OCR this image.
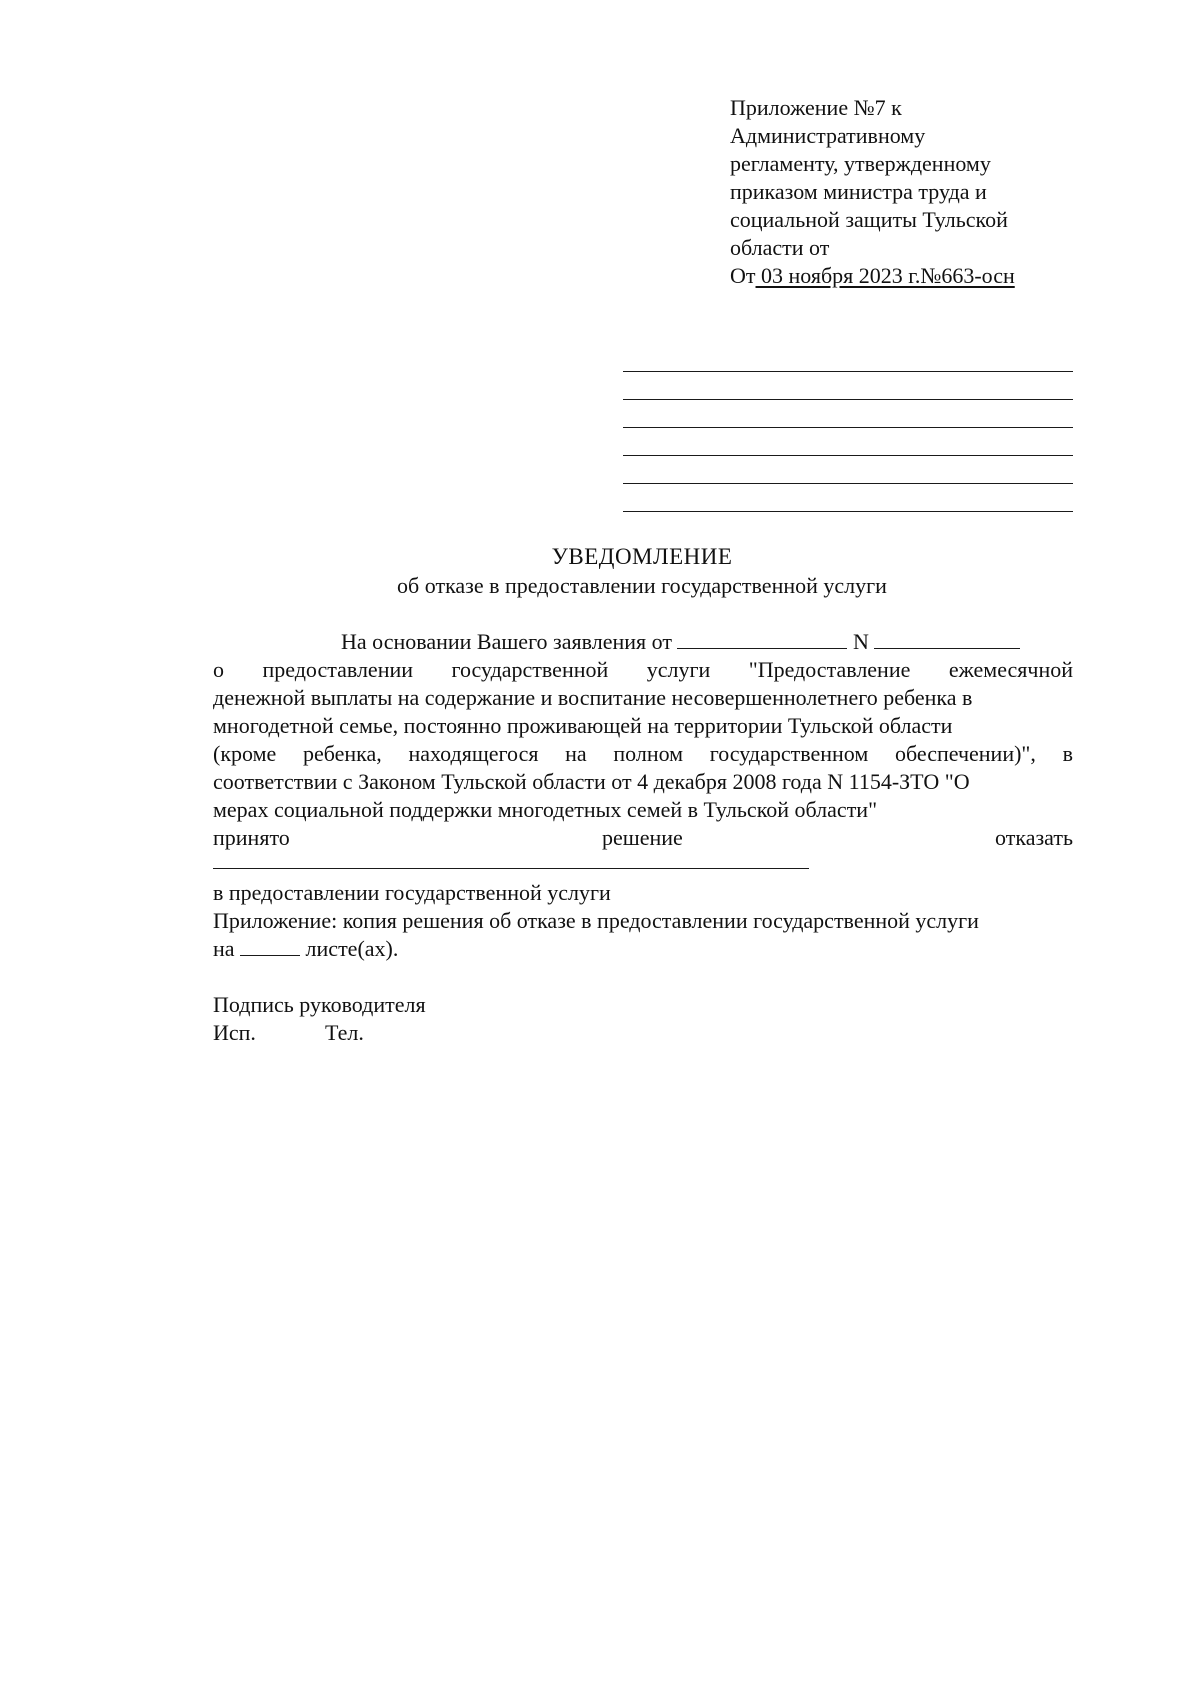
Приложение №7 к
Административному
регламенту, утвержденному
приказом министра труда и
социальной защиты Тульской
области от
От 03 ноября 2023 г.№663-осн
УВЕДОМЛЕНИЕ
об отказе в предоставлении государственной услуги
На основании Вашего заявления от	N
о предоставлении государственной услуги "Предоставление ежемесячной
денежной выплаты на содержание и воспитание несовершеннолетнего ребенка в
многодетной семье, постоянно проживающей на территории Тульской области
(кроме ребенка, находящегося на полном государственном обеспечении)", в
соответствии с Законом Тульской области от 4 декабря 2008 года N 1154-ЗТО "О
мерах социальной поддержки многодетных семей в Тульской области"
принято	решение	отказать
в предоставлении государственной услуги
Приложение: копия решения об отказе в предоставлении государственной услуги
на	листе(ах).
Подпись руководителя
Исп.	Тел.
